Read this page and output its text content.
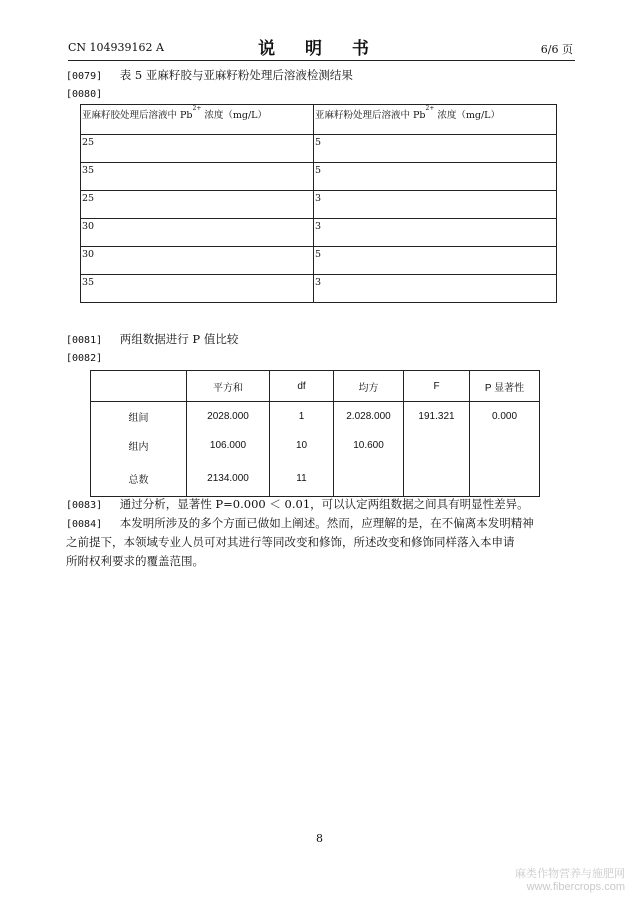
CN 104939162 A	说 明 书	6/6 页
[0079] 表 5 亚麻籽胶与亚麻籽粉处理后溶液检测结果
[0080]
亚麻籽胶处理后溶液中 $Pb^{2+}$ 浓度（mg/L）	亚麻籽粉处理后溶液中 $Pb^{2+}$ 浓度（mg/L）
25	5
35	5
25	3
30	3
30	5
35	3
[0081] 两组数据进行 P 值比较
[0082]
	平方和	df	均方	F	P 显著性
组间	2028.000	1	2.028.000	191.321	0.000
组内	106.000	10	10.600		
总数	2134.000	11			
[0083] 通过分析，显著性 P=0.000 ＜ 0.01，可以认定两组数据之间具有明显性差异。
[0084] 本发明所涉及的多个方面已做如上阐述。然而，应理解的是，在不偏离本发明精神
之前提下，本领域专业人员可对其进行等同改变和修饰，所述改变和修饰同样落入本申请
所附权利要求的覆盖范围。
8
麻类作物营养与施肥网
www.fibercrops.com
